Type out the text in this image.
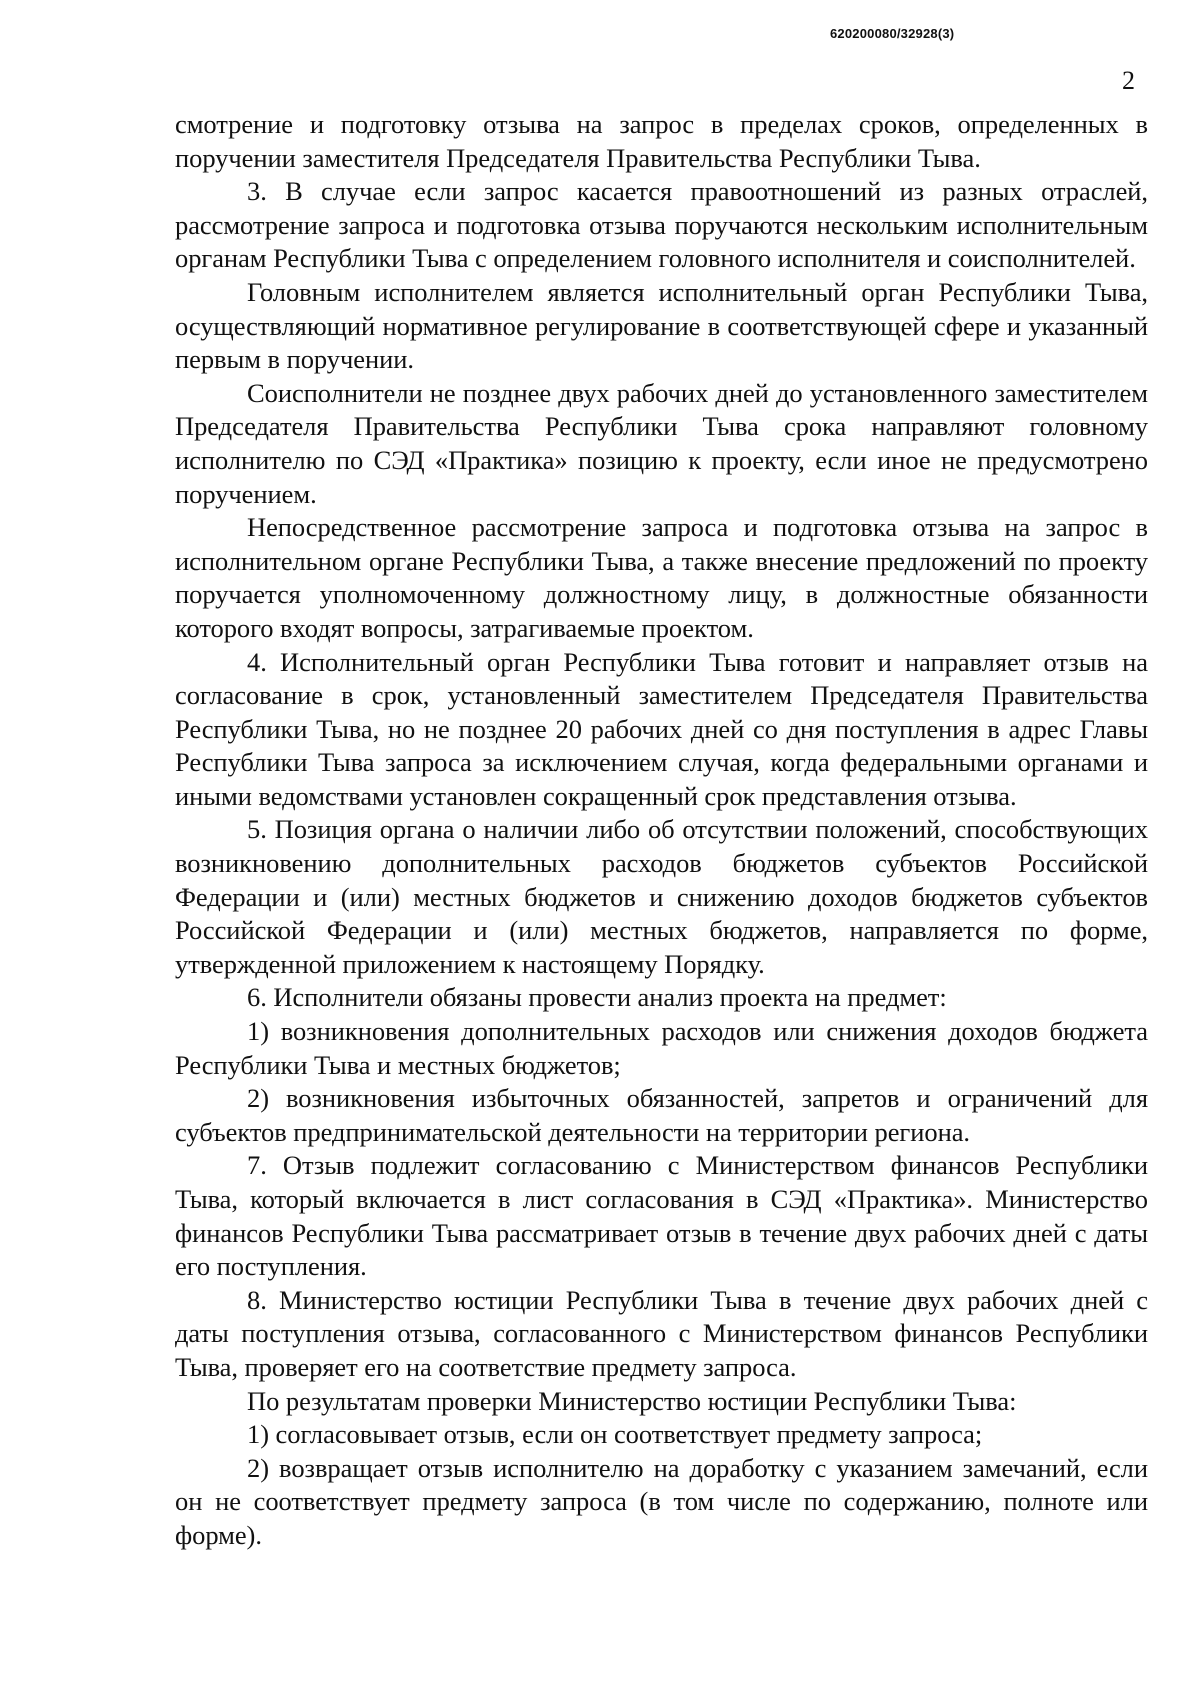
620200080/32928(3)
2

смотрение и подготовку отзыва на запрос в пределах сроков, определенных в поручении заместителя Председателя Правительства Республики Тыва.

3. В случае если запрос касается правоотношений из разных отраслей, рассмотрение запроса и подготовка отзыва поручаются нескольким исполнительным органам Республики Тыва с определением головного исполнителя и соисполнителей.

Головным исполнителем является исполнительный орган Республики Тыва, осуществляющий нормативное регулирование в соответствующей сфере и указанный первым в поручении.

Соисполнители не позднее двух рабочих дней до установленного заместителем Председателя Правительства Республики Тыва срока направляют головному исполнителю по СЭД «Практика» позицию к проекту, если иное не предусмотрено поручением.

Непосредственное рассмотрение запроса и подготовка отзыва на запрос в исполнительном органе Республики Тыва, а также внесение предложений по проекту поручается уполномоченному должностному лицу, в должностные обязанности которого входят вопросы, затрагиваемые проектом.

4. Исполнительный орган Республики Тыва готовит и направляет отзыв на согласование в срок, установленный заместителем Председателя Правительства Республики Тыва, но не позднее 20 рабочих дней со дня поступления в адрес Главы Республики Тыва запроса за исключением случая, когда федеральными органами и иными ведомствами установлен сокращенный срок представления отзыва.

5. Позиция органа о наличии либо об отсутствии положений, способствующих возникновению дополнительных расходов бюджетов субъектов Российской Федерации и (или) местных бюджетов и снижению доходов бюджетов субъектов Российской Федерации и (или) местных бюджетов, направляется по форме, утвержденной приложением к настоящему Порядку.

6. Исполнители обязаны провести анализ проекта на предмет:

1) возникновения дополнительных расходов или снижения доходов бюджета Республики Тыва и местных бюджетов;

2) возникновения избыточных обязанностей, запретов и ограничений для субъектов предпринимательской деятельности на территории региона.

7. Отзыв подлежит согласованию с Министерством финансов Республики Тыва, который включается в лист согласования в СЭД «Практика». Министерство финансов Республики Тыва рассматривает отзыв в течение двух рабочих дней с даты его поступления.

8. Министерство юстиции Республики Тыва в течение двух рабочих дней с даты поступления отзыва, согласованного с Министерством финансов Республики Тыва, проверяет его на соответствие предмету запроса.

По результатам проверки Министерство юстиции Республики Тыва:

1) согласовывает отзыв, если он соответствует предмету запроса;

2) возвращает отзыв исполнителю на доработку с указанием замечаний, если он не соответствует предмету запроса (в том числе по содержанию, полноте или форме).
